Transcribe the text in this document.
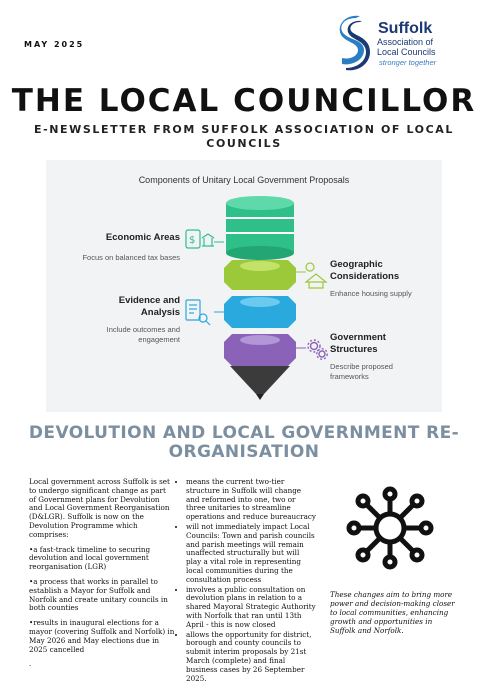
MAY 2025
Suffolk
Association of
Local Councils
stronger together
THE LOCAL COUNCILLOR
E-NEWSLETTER FROM SUFFOLK ASSOCIATION OF LOCAL COUNCILS
Components of Unitary Local Government Proposals
$
Economic Areas
Focus on balanced tax bases
Geographic Considerations
Enhance housing supply
Evidence and Analysis
Include outcomes and engagement	Government Structures
Describe proposed frameworks
DEVOLUTION AND LOCAL GOVERNMENT RE-ORGANISATION

Local government across Suffolk is set to undergo significant change as part of Government plans for Devolution and Local Government Reorganisation (D&LGR). Suffolk is now on the Devolution Programme which comprises:

•a fast-track timeline to securing devolution and local government reorganisation (LGR)

•a process that works in parallel to establish a Mayor for Suffolk and Norfolk and create unitary councils in both counties

•results in inaugural elections for a mayor (covering Suffolk and Norfolk) in May 2026 and May elections due in 2025 cancelled

.

• means the current two-tier structure in Suffolk will change and reformed into one, two or three unitaries to streamline operations and reduce bureaucracy
• will not immediately impact Local Councils: Town and parish councils and parish meetings will remain unaffected structurally but will play a vital role in representing local communities during the consultation process
• involves a public consultation on devolution plans in relation to a shared Mayoral Strategic Authority with Norfolk that ran until 13th April - this is now closed
• allows the opportunity for district, borough and county councils to submit interim proposals by 21st March (complete) and final business cases by 26 September 2025.
These changes aim to bring more power and decision-making closer to local communities, enhancing growth and opportunities in Suffolk and Norfolk.
